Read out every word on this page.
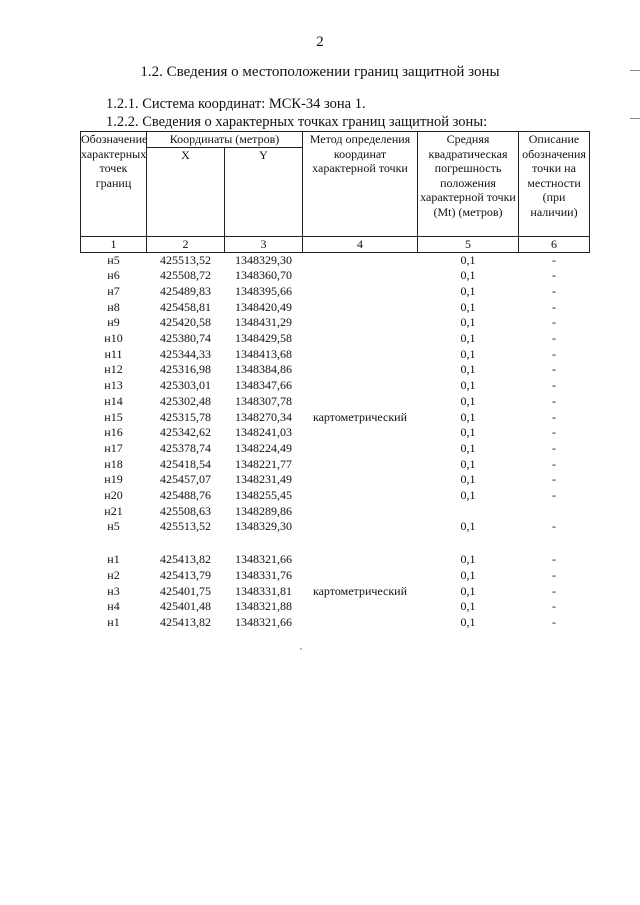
2
1.2. Сведения о местоположении границ защитной зоны
1.2.1. Система координат: МСК-34 зона 1.
1.2.2. Сведения о характерных точках границ защитной зоны:
Обозначение характерных точек границ	Координаты (метров)		Метод определения координат характерной точки	Средняя квадратическая погрешность положения характерной точки (Мt) (метров)	Описание обозначения точки на местности (при наличии)
	X	Y			
1	2	3	4	5	6
н5	425513,52	1348329,30		0,1	-
н6	425508,72	1348360,70		0,1	-
н7	425489,83	1348395,66		0,1	-
н8	425458,81	1348420,49		0,1	-
н9	425420,58	1348431,29		0,1	-
н10	425380,74	1348429,58		0,1	-
н11	425344,33	1348413,68		0,1	-
н12	425316,98	1348384,86		0,1	-
н13	425303,01	1348347,66		0,1	-
н14	425302,48	1348307,78		0,1	-
н15	425315,78	1348270,34	картометрический	0,1	-
н16	425342,62	1348241,03		0,1	-
н17	425378,74	1348224,49		0,1	-
н18	425418,54	1348221,77		0,1	-
н19	425457,07	1348231,49		0,1	-
н20	425488,76	1348255,45		0,1	-
н21	425508,63	1348289,86			
н5	425513,52	1348329,30		0,1	-

н1	425413,82	1348321,66		0,1	-
н2	425413,79	1348331,76		0,1	-
н3	425401,75	1348331,81	картометрический	0,1	-
н4	425401,48	1348321,88		0,1	-
н1	425413,82	1348321,66		0,1	-
